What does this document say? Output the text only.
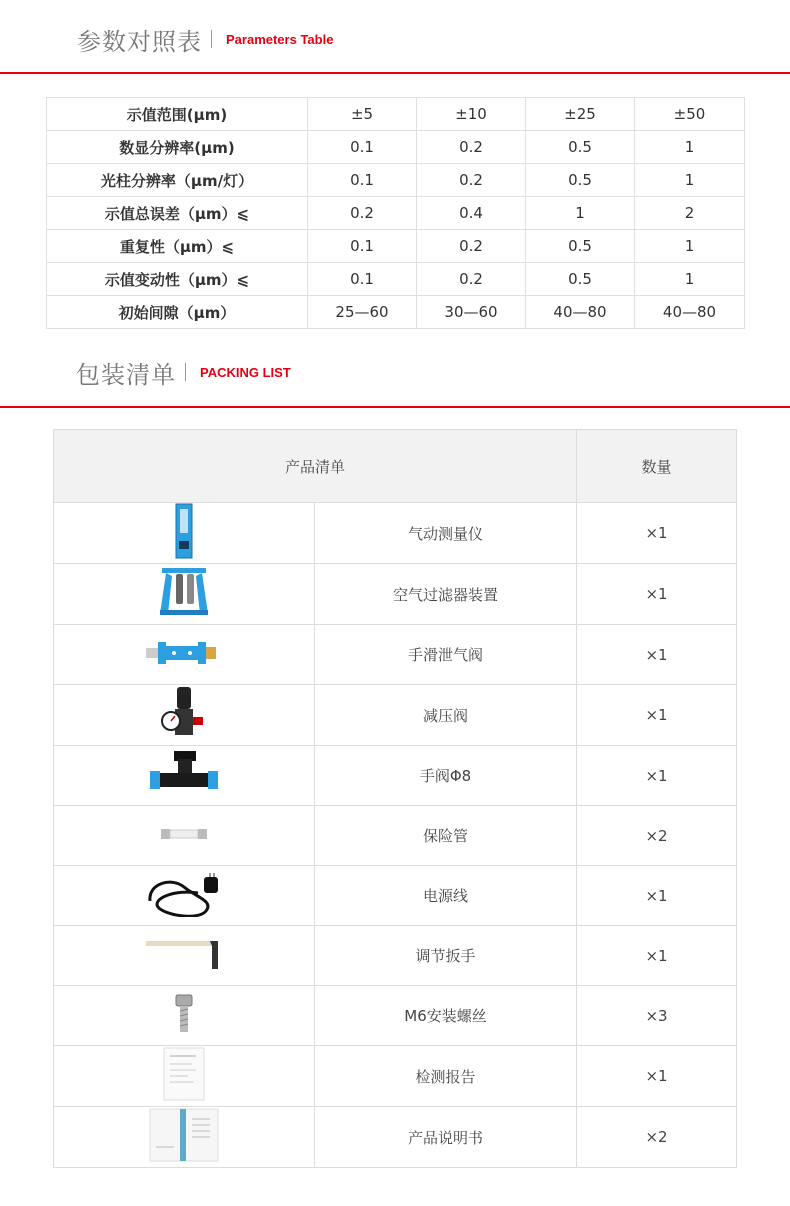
参数对照表 Parameters Table
示值范围(μm)	±5	±10	±25	±50
数显分辨率(μm)	0.1	0.2	0.5	1
光柱分辨率（μm/灯）	0.1	0.2	0.5	1
示值总误差（μm）⩽	0.2	0.4	1	2
重复性（μm）⩽	0.1	0.2	0.5	1
示值变动性（μm）⩽	0.1	0.2	0.5	1
初始间隙（μm）	25—60	30—60	40—80	40—80
包装清单 PACKING LIST
产品清单		数量
	气动测量仪	×1
	空气过滤器装置	×1
	手滑泄气阀	×1
	减压阀	×1
	手阀Φ8	×1
	保险管	×2
	电源线	×1
	调节扳手	×1
	M6安装螺丝	×3
	检测报告	×1
	产品说明书	×2
